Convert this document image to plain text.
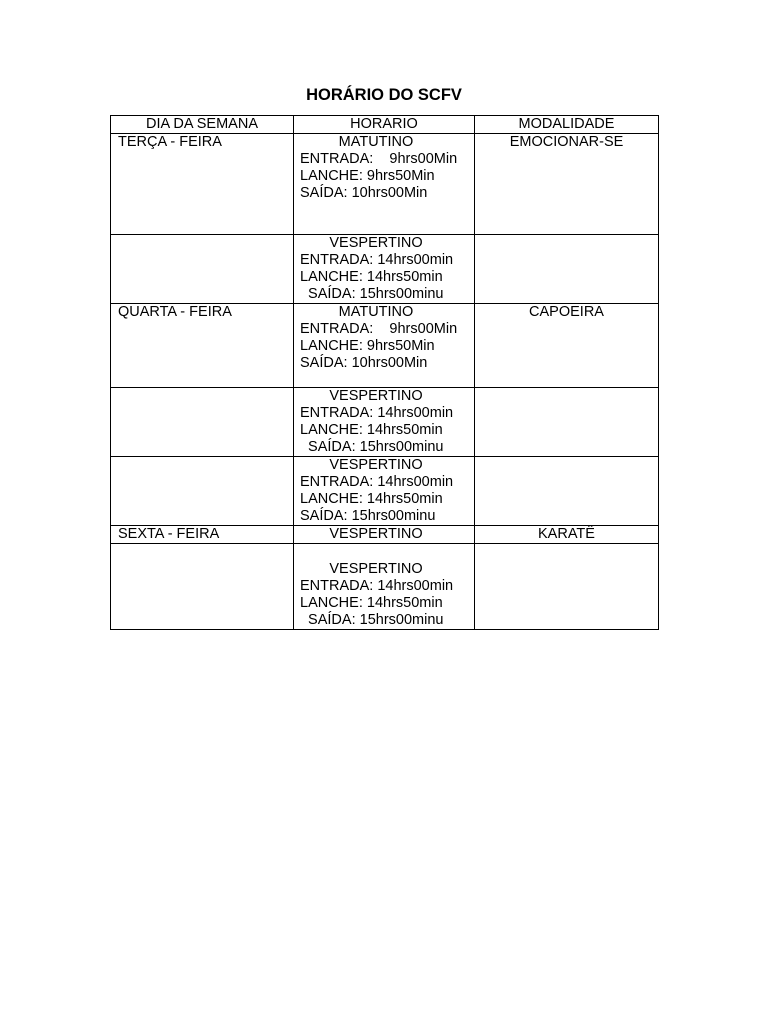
HORÁRIO DO SCFV
DIA DA SEMANA	HORARIO	MODALIDADE
TERÇA - FEIRA	MATUTINO
ENTRADA:    9hrs00Min
LANCHE: 9hrs50Min
SAÍDA: 10hrs00Min	EMOCIONAR-SE

	VESPERTINO
ENTRADA: 14hrs00min
LANCHE: 14hrs50min
SAÍDA: 15hrs00minu	

QUARTA - FEIRA	MATUTINO
ENTRADA:    9hrs00Min
LANCHE: 9hrs50Min
SAÍDA: 10hrs00Min	CAPOEIRA

	VESPERTINO
ENTRADA: 14hrs00min
LANCHE: 14hrs50min
SAÍDA: 15hrs00minu	

	VESPERTINO
ENTRADA: 14hrs00min
LANCHE: 14hrs50min
SAÍDA: 15hrs00minu	

SEXTA - FEIRA	VESPERTINO	KARATÊ

	VESPERTINO
ENTRADA: 14hrs00min
LANCHE: 14hrs50min
SAÍDA: 15hrs00minu	
